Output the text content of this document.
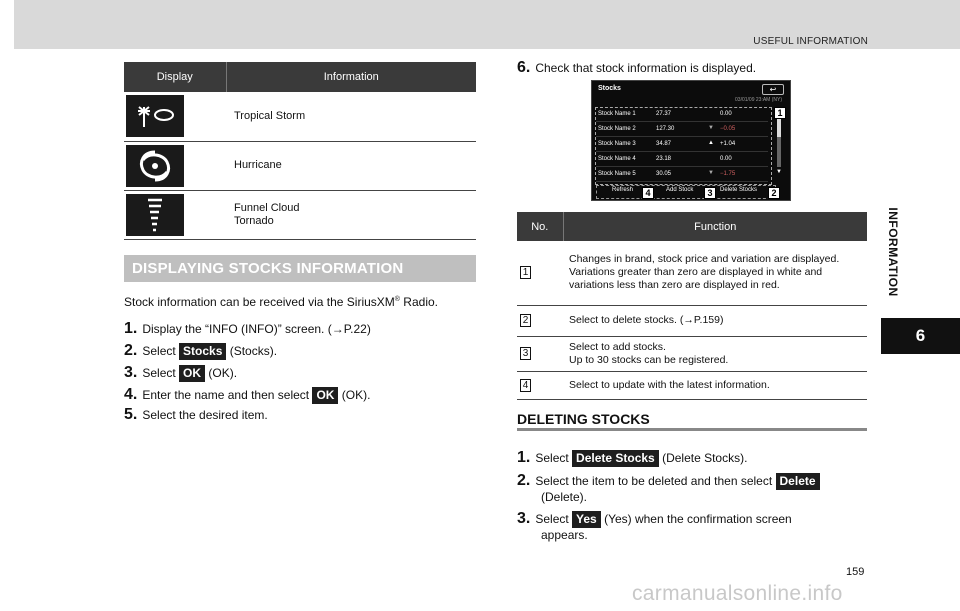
USEFUL INFORMATION
INFORMATION
6
Display	Information

	Tropical Storm

	Hurricane

Funnel Cloud
Tornado
DISPLAYING STOCKS INFORMATION
Stock information can be received via the SiriusXM® Radio.
1. Display the “INFO (INFO)” screen. (→P.22)
2. Select Stocks (Stocks).
3. Select OK (OK).
4. Enter the name and then select OK (OK).
5. Select the desired item.
6. Check that stock information is displayed.
Stocks	↩
03/01/09 23:AM (NY)
Stock Name 1	27.37	0.00
Stock Name 2	127.30	▼ −0.05
Stock Name 3	34.87	▲ +1.04
Stock Name 4	23.18	0.00
Stock Name 5	30.05	▼ −1.75	▼
Refresh	Add Stock	Delete Stocks
1
2
3
4
No.	Function
1	Changes in brand, stock price and variation are displayed.
Variations greater than zero are displayed in white and variations less than zero are displayed in red.

2	Select to delete stocks. (→P.159)

3	Select to add stocks.
Up to 30 stocks can be registered.

4	Select to update with the latest information.
DELETING STOCKS
1. Select Delete Stocks (Delete Stocks).
2. Select the item to be deleted and then select Delete
(Delete).
3. Select Yes (Yes) when the confirmation screen
appears.
159
carmanualsonline.info
